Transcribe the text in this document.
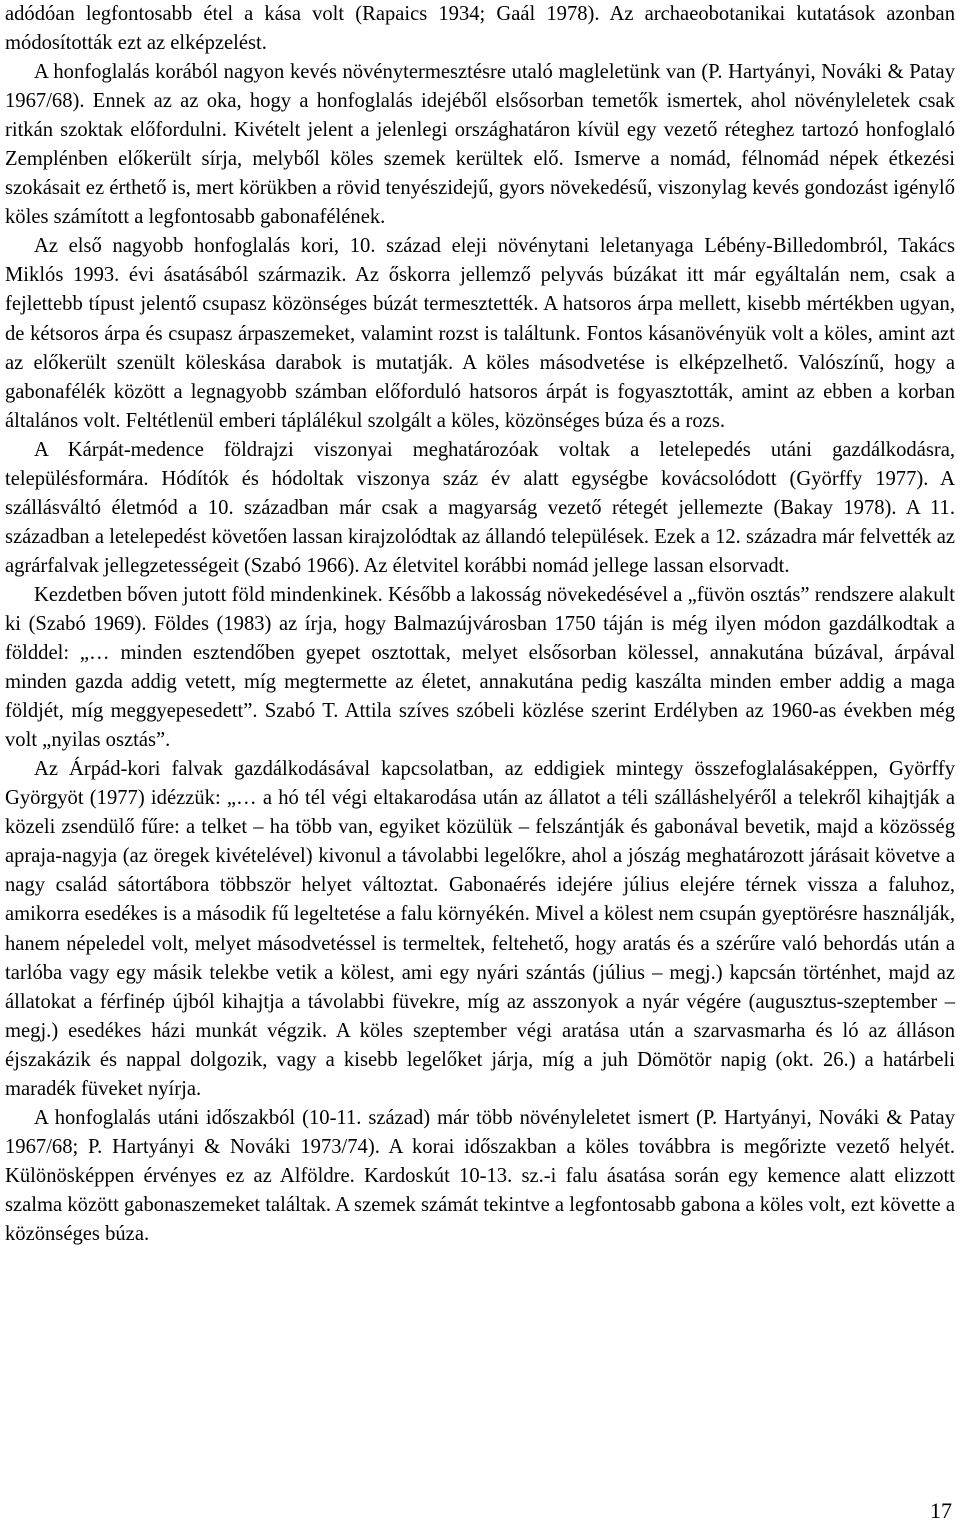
adódóan legfontosabb étel a kása volt (Rapaics 1934; Gaál 1978). Az archaeobotanikai kutatások azonban módosították ezt az elképzelést.

A honfoglalás korából nagyon kevés növénytermesztésre utaló magleletünk van (P. Hartyányi, Nováki & Patay 1967/68). Ennek az az oka, hogy a honfoglalás idejéből elsősorban temetők ismertek, ahol növényleletek csak ritkán szoktak előfordulni. Kivételt jelent a jelenlegi országhatáron kívül egy vezető réteghez tartozó honfoglaló Zemplénben előkerült sírja, melyből köles szemek kerültek elő. Ismerve a nomád, félnomád népek étkezési szokásait ez érthető is, mert körükben a rövid tenyészidejű, gyors növekedésű, viszonylag kevés gondozást igénylő köles számított a legfontosabb gabonafélének.

Az első nagyobb honfoglalás kori, 10. század eleji növénytani leletanyaga Lébény-Billedombról, Takács Miklós 1993. évi ásatásából származik. Az őskorra jellemző pelyvás búzákat itt már egyáltalán nem, csak a fejlettebb típust jelentő csupasz közönséges búzát termesztették. A hatsoros árpa mellett, kisebb mértékben ugyan, de kétsoros árpa és csupasz árpaszemeket, valamint rozst is találtunk. Fontos kásanövényük volt a köles, amint azt az előkerült szenült köleskása darabok is mutatják. A köles másodvetése is elképzelhető. Valószínű, hogy a gabonafélék között a legnagyobb számban előforduló hatsoros árpát is fogyasztották, amint az ebben a korban általános volt. Feltétlenül emberi táplálékul szolgált a köles, közönséges búza és a rozs.

A Kárpát-medence földrajzi viszonyai meghatározóak voltak a letelepedés utáni gazdálkodásra, településformára. Hódítók és hódoltak viszonya száz év alatt egységbe kovácsolódott (Györffy 1977). A szállásváltó életmód a 10. században már csak a magyarság vezető rétegét jellemezte (Bakay 1978). A 11. században a letelepedést követően lassan kirajzolódtak az állandó települések. Ezek a 12. századra már felvették az agrárfalvak jellegzetességeit (Szabó 1966). Az életvitel korábbi nomád jellege lassan elsorvadt.

Kezdetben bőven jutott föld mindenkinek. Később a lakosság növekedésével a „füvön osztás” rendszere alakult ki (Szabó 1969). Földes (1983) az írja, hogy Balmazújvárosban 1750 táján is még ilyen módon gazdálkodtak a földdel: „… minden esztendőben gyepet osztottak, melyet elsősorban kölessel, annakutána búzával, árpával minden gazda addig vetett, míg megtermette az életet, annakutána pedig kaszálta minden ember addig a maga földjét, míg meggyepesedett”. Szabó T. Attila szíves szóbeli közlése szerint Erdélyben az 1960-as években még volt „nyilas osztás”.

Az Árpád-kori falvak gazdálkodásával kapcsolatban, az eddigiek mintegy összefoglalásaképpen, Györffy Györgyöt (1977) idézzük: „… a hó tél végi eltakarodása után az állatot a téli szálláshelyéről a telekről kihajtják a közeli zsendülő fűre: a telket – ha több van, egyiket közülük – felszántják és gabonával bevetik, majd a közösség apraja-nagyja (az öregek kivételével) kivonul a távolabbi legelőkre, ahol a jószág meghatározott járásait követve a nagy család sátortábora többször helyet változtat. Gabonaérés idejére július elejére térnek vissza a faluhoz, amikorra esedékes is a második fű legeltetése a falu környékén. Mivel a kölest nem csupán gyeptörésre használják, hanem népeledel volt, melyet másodvetéssel is termeltek, feltehető, hogy aratás és a szérűre való behordás után a tarlóba vagy egy másik telekbe vetik a kölest, ami egy nyári szántás (július – megj.) kapcsán történhet, majd az állatokat a férfinép újból kihajtja a távolabbi füvekre, míg az asszonyok a nyár végére (augusztus-szeptember – megj.) esedékes házi munkát végzik. A köles szeptember végi aratása után a szarvasmarha és ló az álláson éjszakázik és nappal dolgozik, vagy a kisebb legelőket járja, míg a juh Dömötör napig (okt. 26.) a határbeli maradék füveket nyírja.

A honfoglalás utáni időszakból (10-11. század) már több növényleletet ismert (P. Hartyányi, Nováki & Patay 1967/68; P. Hartyányi & Nováki 1973/74). A korai időszakban a köles továbbra is megőrizte vezető helyét. Különösképpen érvényes ez az Alföldre. Kardoskút 10-13. sz.-i falu ásatása során egy kemence alatt elizzott szalma között gabonaszemeket találtak. A szemek számát tekintve a legfontosabb gabona a köles volt, ezt követte a közönséges búza.

17
